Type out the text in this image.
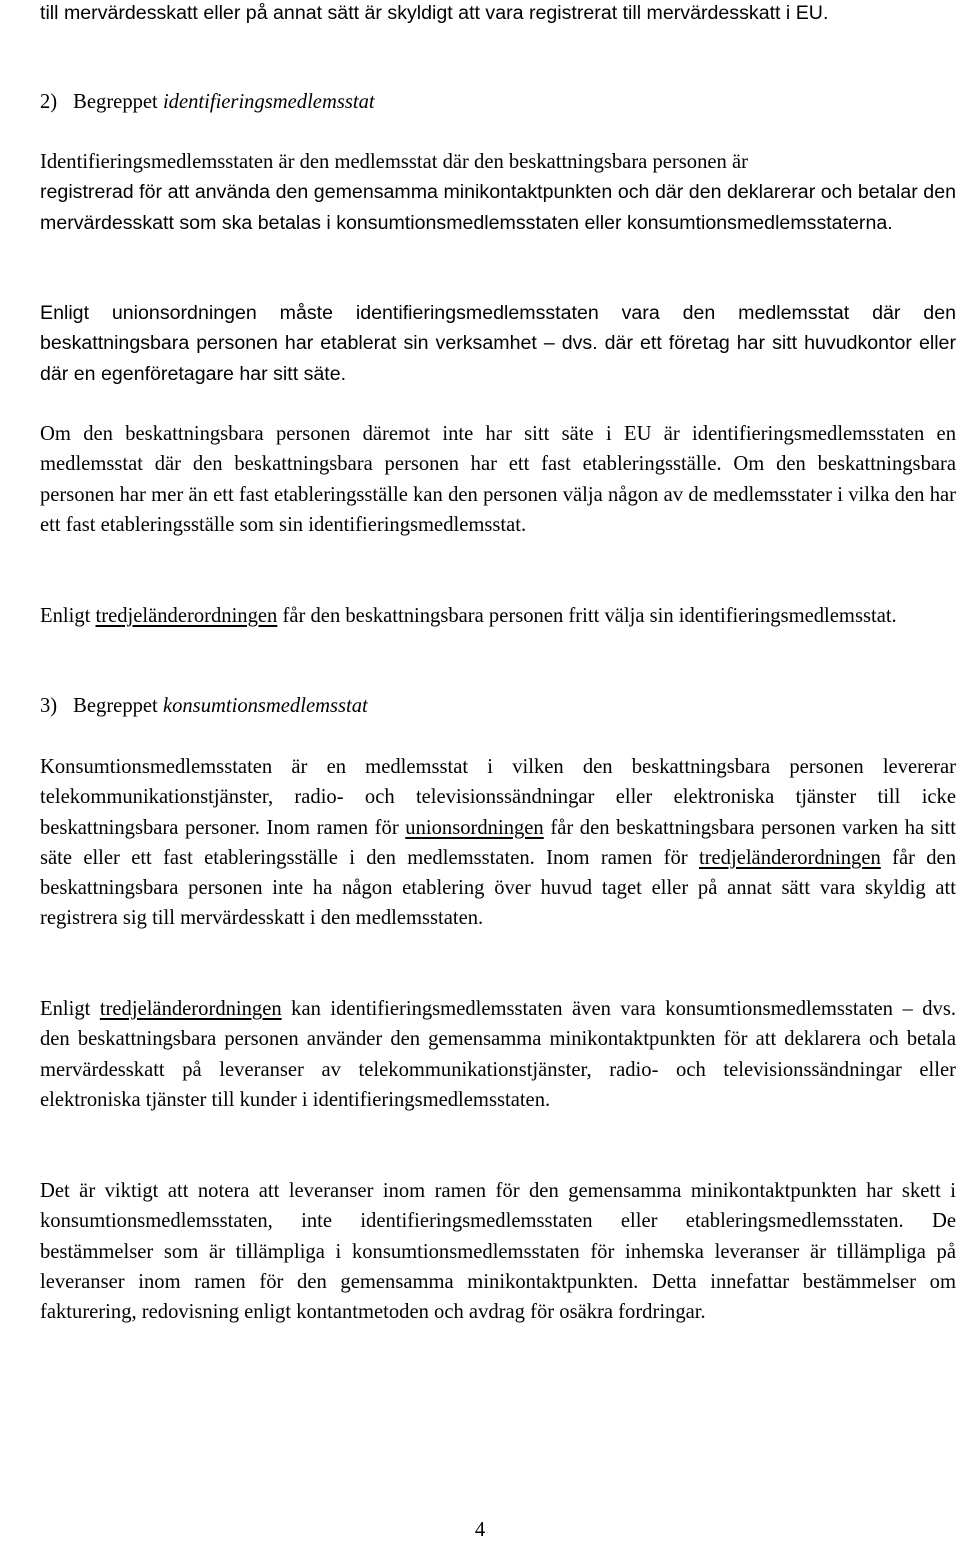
till mervärdesskatt eller på annat sätt är skyldigt att vara registrerat till mervärdesskatt i EU.

2) Begreppet identifieringsmedlemsstat

Identifieringsmedlemsstaten är den medlemsstat där den beskattningsbara personen är

registrerad för att använda den gemensamma minikontaktpunkten och där den deklarerar och betalar den mervärdesskatt som ska betalas i konsumtionsmedlemsstaten eller konsumtionsmedlemsstaterna.

Enligt unionsordningen måste identifieringsmedlemsstaten vara den medlemsstat där den beskattningsbara personen har etablerat sin verksamhet – dvs. där ett företag har sitt huvudkontor eller där en egenföretagare har sitt säte.

Om den beskattningsbara personen däremot inte har sitt säte i EU är identifieringsmedlemsstaten en medlemsstat där den beskattningsbara personen har ett fast etableringsställe. Om den beskattningsbara personen har mer än ett fast etableringsställe kan den personen välja någon av de medlemsstater i vilka den har ett fast etableringsställe som sin identifieringsmedlemsstat.

Enligt tredjeländerordningen får den beskattningsbara personen fritt välja sin identifieringsmedlemsstat.

3) Begreppet konsumtionsmedlemsstat

Konsumtionsmedlemsstaten är en medlemsstat i vilken den beskattningsbara personen levererar telekommunikationstjänster, radio- och televisionssändningar eller elektroniska tjänster till icke beskattningsbara personer. Inom ramen för unionsordningen får den beskattningsbara personen varken ha sitt säte eller ett fast etableringsställe i den medlemsstaten. Inom ramen för tredjeländerordningen får den beskattningsbara personen inte ha någon etablering över huvud taget eller på annat sätt vara skyldig att registrera sig till mervärdesskatt i den medlemsstaten.

Enligt tredjeländerordningen kan identifieringsmedlemsstaten även vara konsumtionsmedlemsstaten – dvs. den beskattningsbara personen använder den gemensamma minikontaktpunkten för att deklarera och betala mervärdesskatt på leveranser av telekommunikationstjänster, radio- och televisionssändningar eller elektroniska tjänster till kunder i identifieringsmedlemsstaten.

Det är viktigt att notera att leveranser inom ramen för den gemensamma minikontaktpunkten har skett i konsumtionsmedlemsstaten, inte identifieringsmedlemsstaten eller etableringsmedlemsstaten. De bestämmelser som är tillämpliga i konsumtionsmedlemsstaten för inhemska leveranser är tillämpliga på leveranser inom ramen för den gemensamma minikontaktpunkten. Detta innefattar bestämmelser om fakturering, redovisning enligt kontantmetoden och avdrag för osäkra fordringar.

4
